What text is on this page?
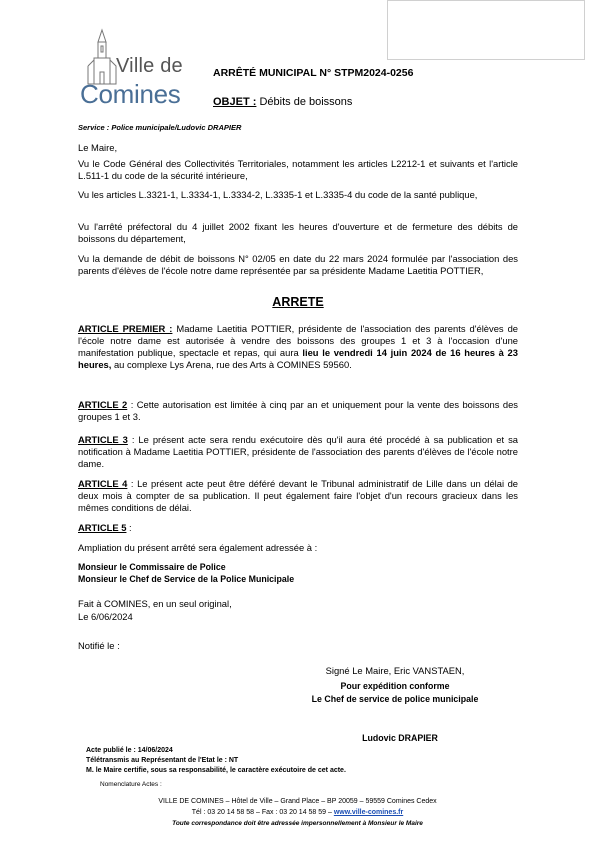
Ville de
Comines
ARRÊTÉ MUNICIPAL N° STPM2024-0256
OBJET : Débits de boissons
Service : Police municipale/Ludovic DRAPIER
Le Maire,
Vu le Code Général des Collectivités Territoriales, notamment les articles L2212-1 et suivants et l'article L.511-1 du code de la sécurité intérieure,
Vu les articles L.3321-1, L.3334-1, L.3334-2, L.3335-1 et L.3335-4 du code de la santé publique,
Vu l'arrêté préfectoral du 4 juillet 2002 fixant les heures d'ouverture et de fermeture des débits de boissons du département,
Vu la demande de débit de boissons N° 02/05 en date du 22 mars 2024 formulée par l'association des parents d'élèves de l'école notre dame représentée par sa présidente Madame Laetitia POTTIER,
ARRETE
ARTICLE PREMIER : Madame Laetitia POTTIER, présidente de l'association des parents d'élèves de l'école notre dame est autorisée à vendre des boissons des groupes 1 et 3 à l'occasion d'une manifestation publique, spectacle et repas, qui aura lieu le vendredi 14 juin 2024 de 16 heures à 23 heures, au complexe Lys Arena, rue des Arts à COMINES 59560.
ARTICLE 2 : Cette autorisation est limitée à cinq par an et uniquement pour la vente des boissons des groupes 1 et 3.
ARTICLE 3 : Le présent acte sera rendu exécutoire dès qu'il aura été procédé à sa publication et sa notification à Madame Laetitia POTTIER, présidente de l'association des parents d'élèves de l'école notre dame.
ARTICLE 4 : Le présent acte peut être déféré devant le Tribunal administratif de Lille dans un délai de deux mois à compter de sa publication. Il peut également faire l'objet d'un recours gracieux dans les mêmes conditions de délai.
ARTICLE 5 :
Ampliation du présent arrêté sera également adressée à :
Monsieur le Commissaire de Police
Monsieur le Chef de Service de la Police Municipale
Fait à COMINES, en un seul original,
Le 6/06/2024
Notifié le :
Signé Le Maire, Eric VANSTAEN,
Pour expédition conforme
Le Chef de service de police municipale
Ludovic DRAPIER
Acte publié le : 14/06/2024
Télétransmis au Représentant de l'Etat le : NT
M. le Maire certifie, sous sa responsabilité, le caractère exécutoire de cet acte.
Nomenclature Actes :
VILLE DE COMINES – Hôtel de Ville – Grand Place – BP 20059 – 59559 Comines Cedex
Tél : 03 20 14 58 58 – Fax : 03 20 14 58 59 – www.ville-comines.fr
Toute correspondance doit être adressée impersonnellement à Monsieur le Maire
